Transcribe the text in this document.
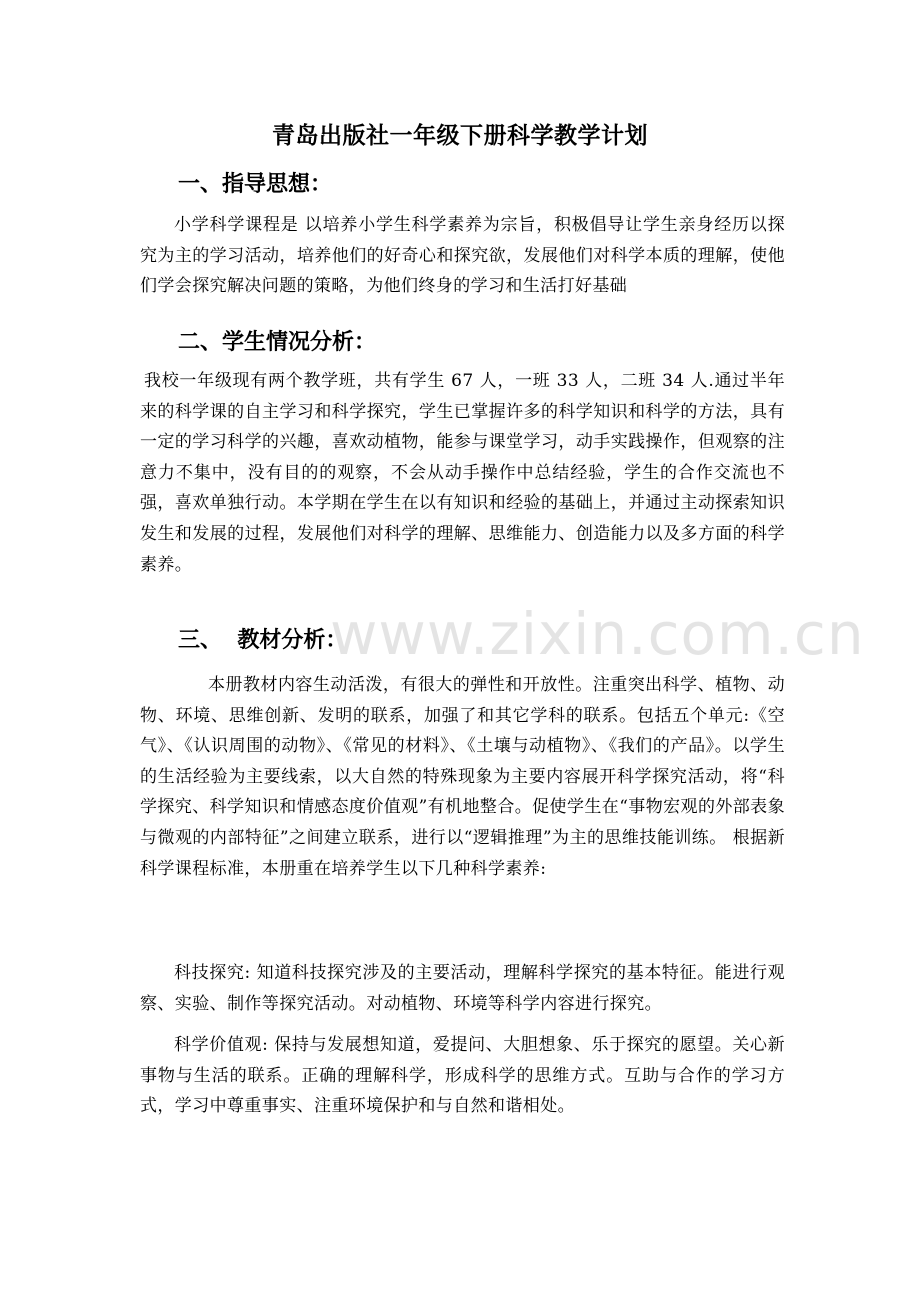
青岛出版社一年级下册科学教学计划
一、指导思想：
小学科学课程是 以培养小学生科学素养为宗旨，积极倡导让学生亲身经历以探究为主的学习活动，培养他们的好奇心和探究欲，发展他们对科学本质的理解，使他们学会探究解决问题的策略，为他们终身的学习和生活打好基础
二、学生情况分析：
我校一年级现有两个教学班，共有学生 67 人，一班 33 人，二班 34 人.通过半年来的科学课的自主学习和科学探究，学生已掌握许多的科学知识和科学的方法，具有一定的学习科学的兴趣，喜欢动植物，能参与课堂学习，动手实践操作，但观察的注意力不集中，没有目的的观察，不会从动手操作中总结经验，学生的合作交流也不强，喜欢单独行动。本学期在学生在以有知识和经验的基础上，并通过主动探索知识发生和发展的过程，发展他们对科学的理解、思维能力、创造能力以及多方面的科学素养。
三、  教材分析：
本册教材内容生动活泼，有很大的弹性和开放性。注重突出科学、植物、动物、环境、思维创新、发明的联系，加强了和其它学科的联系。包括五个单元:《空气》、《认识周围的动物》、《常见的材料》、《土壤与动植物》、《我们的产品》。以学生的生活经验为主要线索，以大自然的特殊现象为主要内容展开科学探究活动，将“科学探究、科学知识和情感态度价值观”有机地整合。促使学生在“事物宏观的外部表象与微观的内部特征”之间建立联系，进行以“逻辑推理”为主的思维技能训练。 根据新科学课程标准，本册重在培养学生以下几种科学素养:
科技探究: 知道科技探究涉及的主要活动，理解科学探究的基本特征。能进行观察、实验、制作等探究活动。对动植物、环境等科学内容进行探究。
科学价值观: 保持与发展想知道，爱提问、大胆想象、乐于探究的愿望。关心新事物与生活的联系。正确的理解科学，形成科学的思维方式。互助与合作的学习方式，学习中尊重事实、注重环境保护和与自然和谐相处。
www.zixin.com.cn
